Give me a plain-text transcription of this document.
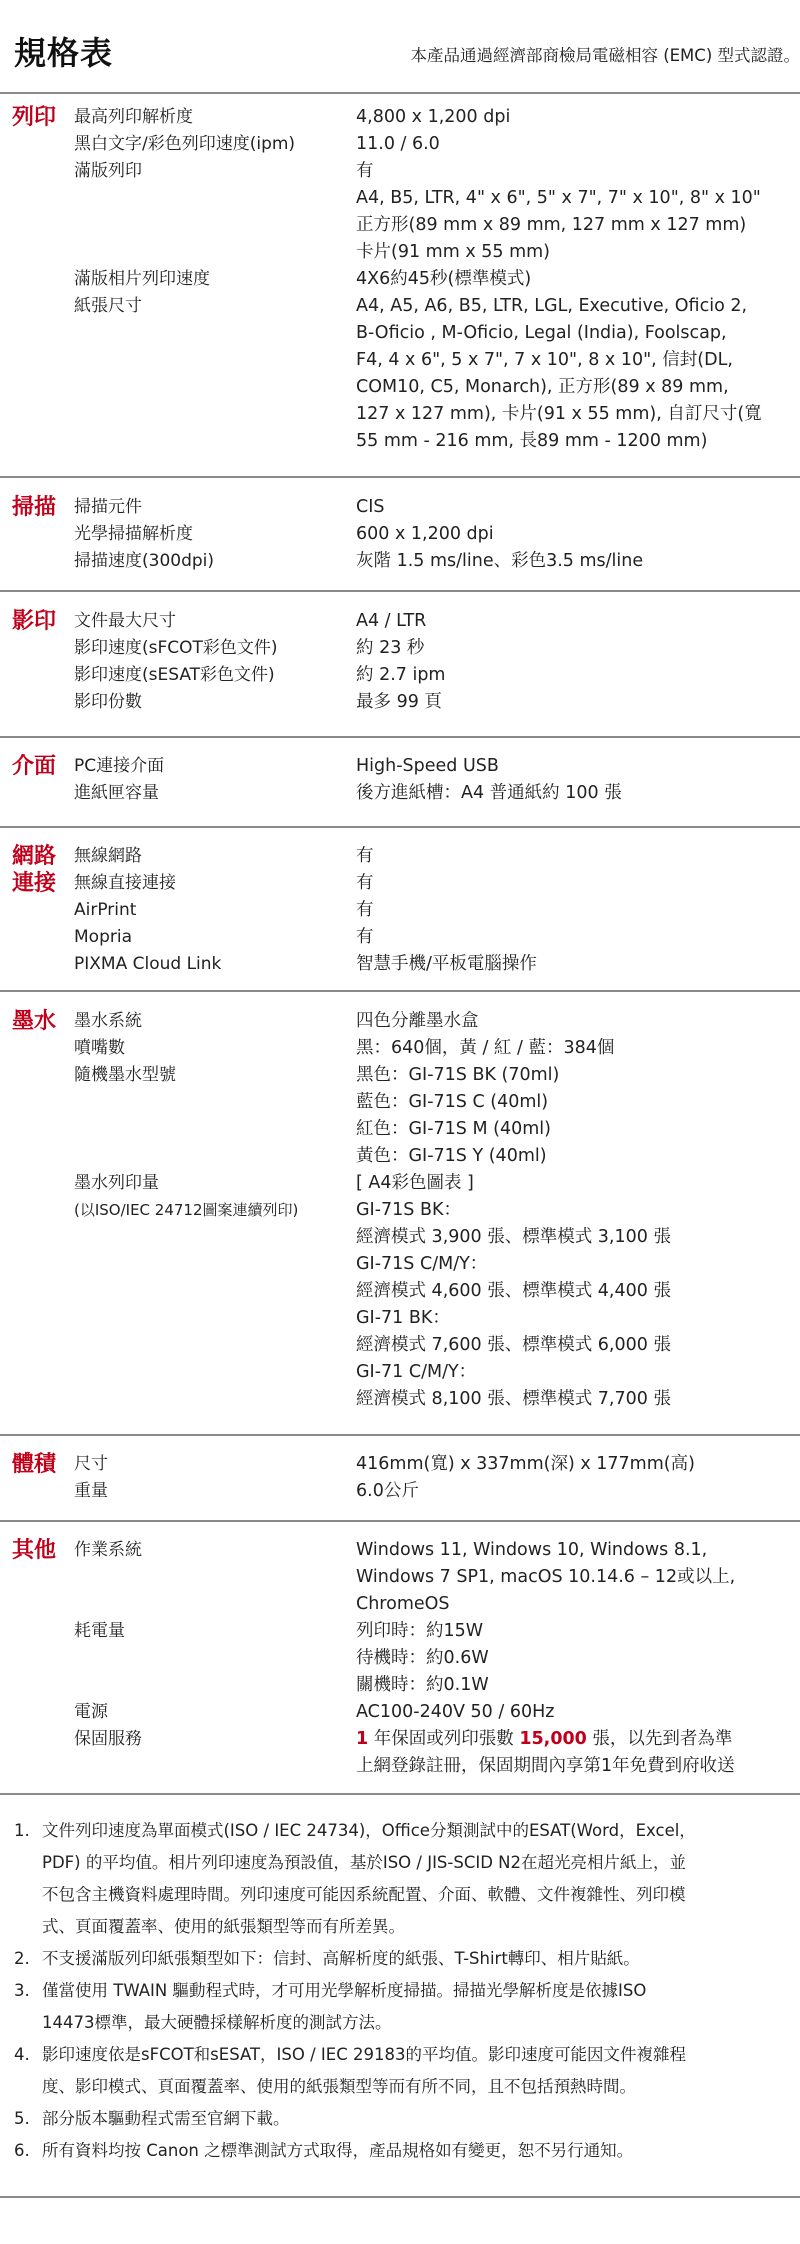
規格表	本產品通過經濟部商檢局電磁相容 (EMC) 型式認證。
列印	最高列印解析度	4,800 x 1,200 dpi
黑白文字/彩色列印速度(ipm)	11.0 / 6.0
滿版列印	有
A4, B5, LTR, 4" x 6", 5" x 7", 7" x 10", 8" x 10"
正方形(89 mm x 89 mm, 127 mm x 127 mm)
卡片(91 mm x 55 mm)
滿版相片列印速度	4X6約45秒(標準模式)
紙張尺寸	A4, A5, A6, B5, LTR, LGL, Executive, Oficio 2,
B-Oficio , M-Oficio, Legal (India), Foolscap,
F4, 4 x 6", 5 x 7", 7 x 10", 8 x 10", 信封(DL,
COM10, C5, Monarch), 正方形(89 x 89 mm,
127 x 127 mm), 卡片(91 x 55 mm), 自訂尺寸(寬
55 mm - 216 mm, 長89 mm - 1200 mm)
掃描	掃描元件	CIS
光學掃描解析度	600 x 1,200 dpi
掃描速度(300dpi)	灰階 1.5 ms/line、彩色3.5 ms/line
影印	文件最大尺寸	A4 / LTR
影印速度(sFCOT彩色文件)	約 23 秒
影印速度(sESAT彩色文件)	約 2.7 ipm
影印份數	最多 99 頁
介面	PC連接介面	High-Speed USB
進紙匣容量	後方進紙槽：A4 普通紙約 100 張
網路
連接
無線網路	有
無線直接連接	有
AirPrint	有
Mopria	有
PIXMA Cloud Link	智慧手機/平板電腦操作
墨水	墨水系統	四色分離墨水盒
噴嘴數	黑：640個，黃 / 紅 / 藍：384個
隨機墨水型號	黑色：GI-71S BK (70ml)
藍色：GI-71S C (40ml)
紅色：GI-71S M (40ml)
黃色：GI-71S Y (40ml)
墨水列印量	[ A4彩色圖表 ]
(以ISO/IEC 24712圖案連續列印)	GI-71S BK：
經濟模式 3,900 張、標準模式 3,100 張
GI-71S C/M/Y：
經濟模式 4,600 張、標準模式 4,400 張
GI-71 BK：
經濟模式 7,600 張、標準模式 6,000 張
GI-71 C/M/Y：
經濟模式 8,100 張、標準模式 7,700 張
體積	尺寸	416mm(寬) x 337mm(深) x 177mm(高)
重量	6.0公斤
其他	作業系統	Windows 11, Windows 10, Windows 8.1,
Windows 7 SP1, macOS 10.14.6 – 12或以上,
ChromeOS
耗電量	列印時：約15W
待機時：約0.6W
關機時：約0.1W
電源	AC100-240V 50 / 60Hz
保固服務	1 年保固或列印張數 15,000 張，以先到者為準
上網登錄註冊，保固期間內享第1年免費到府收送
1. 文件列印速度為單面模式(ISO / IEC 24734)，Office分類測試中的ESAT(Word，Excel，
PDF) 的平均值。相片列印速度為預設值，基於ISO / JIS-SCID N2在超光亮相片紙上，並
不包含主機資料處理時間。列印速度可能因系統配置、介面、軟體、文件複雜性、列印模
式、頁面覆蓋率、使用的紙張類型等而有所差異。
2. 不支援滿版列印紙張類型如下：信封、高解析度的紙張、T-Shirt轉印、相片貼紙。
3. 僅當使用 TWAIN 驅動程式時，才可用光學解析度掃描。掃描光學解析度是依據ISO
14473標準，最大硬體採樣解析度的測試方法。
4. 影印速度依是sFCOT和sESAT，ISO / IEC 29183的平均值。影印速度可能因文件複雜程
度、影印模式、頁面覆蓋率、使用的紙張類型等而有所不同，且不包括預熱時間。
5. 部分版本驅動程式需至官網下載。
6. 所有資料均按 Canon 之標準測試方式取得，產品規格如有變更，恕不另行通知。
